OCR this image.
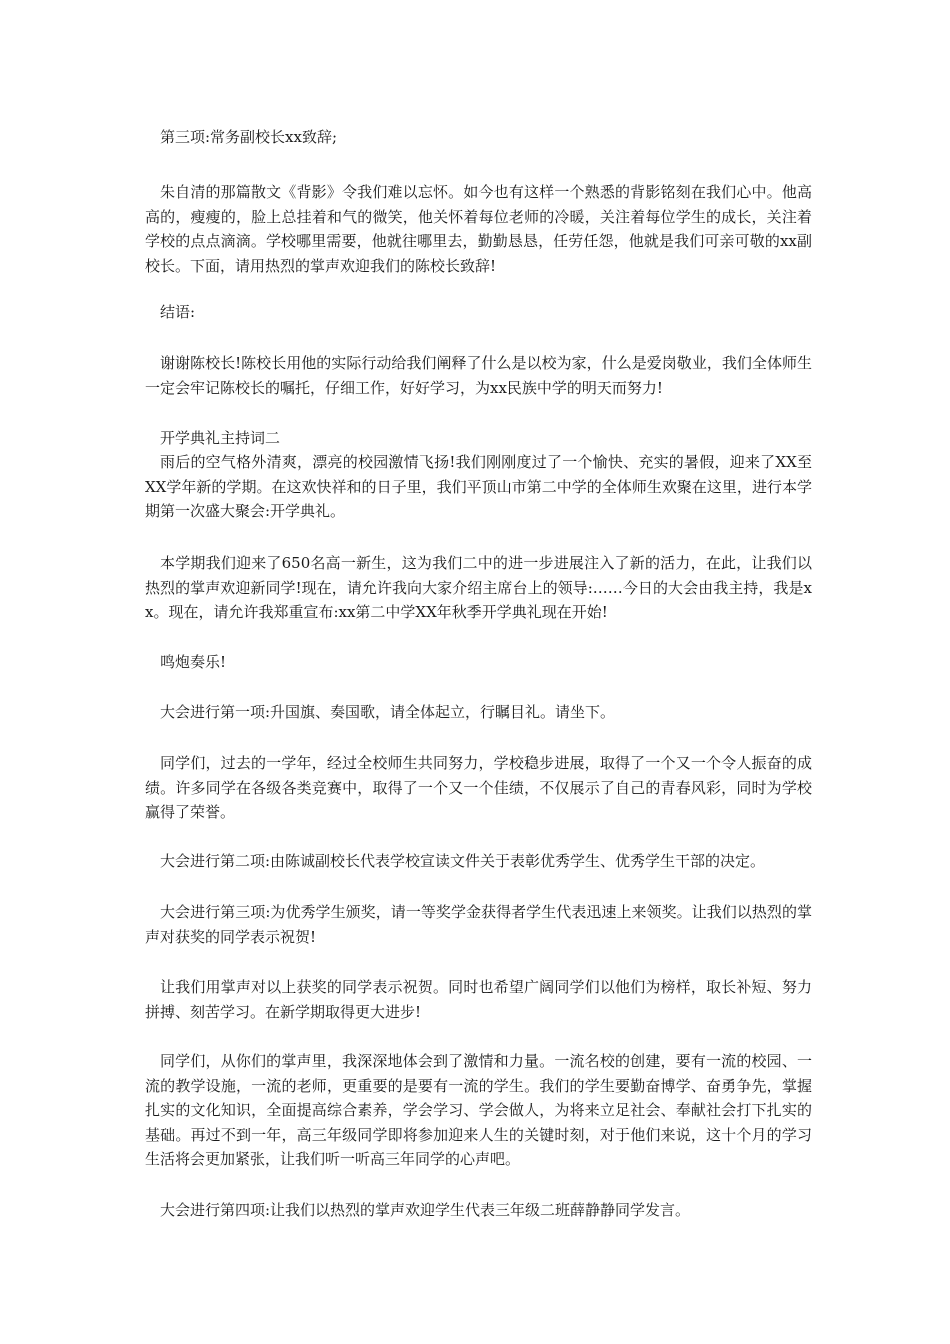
第三项:常务副校长xx致辞;

朱自清的那篇散文《背影》令我们难以忘怀。如今也有这样一个熟悉的背影铭刻在我们心中。他高高的，瘦瘦的，脸上总挂着和气的微笑，他关怀着每位老师的冷暖，关注着每位学生的成长，关注着学校的点点滴滴。学校哪里需要，他就往哪里去，勤勤恳恳，任劳任怨，他就是我们可亲可敬的xx副校长。下面，请用热烈的掌声欢迎我们的陈校长致辞!

结语:

谢谢陈校长!陈校长用他的实际行动给我们阐释了什么是以校为家，什么是爱岗敬业，我们全体师生一定会牢记陈校长的嘱托，仔细工作，好好学习，为xx民族中学的明天而努力!

开学典礼主持词二

雨后的空气格外清爽，漂亮的校园激情飞扬!我们刚刚度过了一个愉快、充实的暑假，迎来了XX至XX学年新的学期。在这欢快祥和的日子里，我们平顶山市第二中学的全体师生欢聚在这里，进行本学期第一次盛大聚会:开学典礼。

本学期我们迎来了650名高一新生，这为我们二中的进一步进展注入了新的活力，在此，让我们以热烈的掌声欢迎新同学!现在，请允许我向大家介绍主席台上的领导:……今日的大会由我主持，我是xx。现在，请允许我郑重宣布:xx第二中学XX年秋季开学典礼现在开始!

鸣炮奏乐!

大会进行第一项:升国旗、奏国歌，请全体起立，行瞩目礼。请坐下。

同学们，过去的一学年，经过全校师生共同努力，学校稳步进展，取得了一个又一个令人振奋的成绩。许多同学在各级各类竞赛中，取得了一个又一个佳绩，不仅展示了自己的青春风彩，同时为学校赢得了荣誉。

大会进行第二项:由陈诚副校长代表学校宣读文件关于表彰优秀学生、优秀学生干部的决定。

大会进行第三项:为优秀学生颁奖，请一等奖学金获得者学生代表迅速上来领奖。让我们以热烈的掌声对获奖的同学表示祝贺!

让我们用掌声对以上获奖的同学表示祝贺。同时也希望广阔同学们以他们为榜样，取长补短、努力拼搏、刻苦学习。在新学期取得更大进步!

同学们，从你们的掌声里，我深深地体会到了激情和力量。一流名校的创建，要有一流的校园、一流的教学设施，一流的老师，更重要的是要有一流的学生。我们的学生要勤奋博学、奋勇争先，掌握扎实的文化知识，全面提高综合素养，学会学习、学会做人，为将来立足社会、奉献社会打下扎实的基础。再过不到一年，高三年级同学即将参加迎来人生的关键时刻，对于他们来说，这十个月的学习生活将会更加紧张，让我们听一听高三年同学的心声吧。

大会进行第四项:让我们以热烈的掌声欢迎学生代表三年级二班薛静静同学发言。
